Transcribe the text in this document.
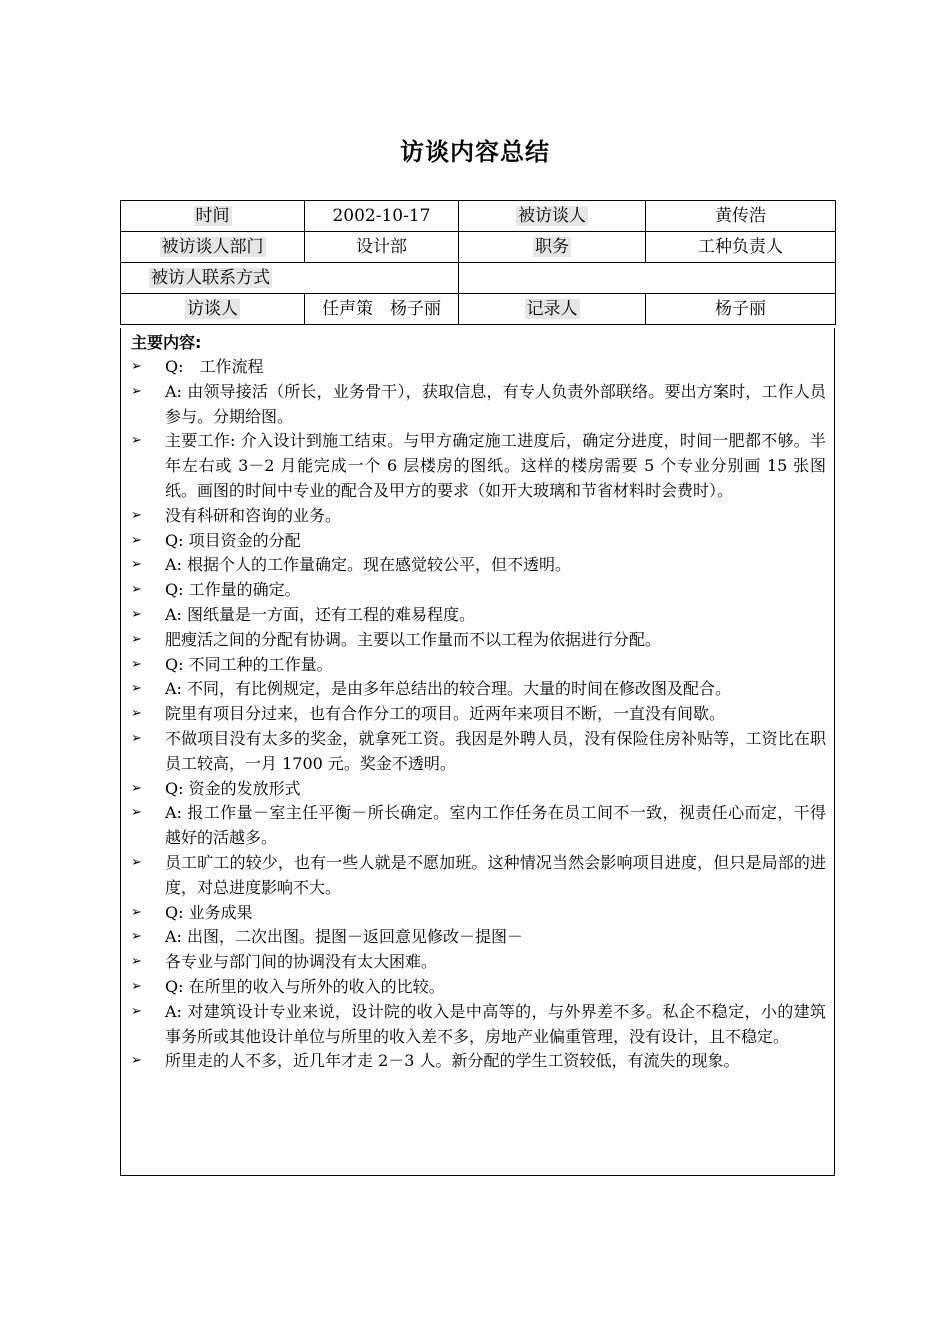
访谈内容总结
时间	2002-10-17	被访谈人	黄传浩
被访谈人部门	设计部	职务	工种负责人
被访人联系方式			
访谈人	任声策　杨子丽	记录人	杨子丽
主要内容:
➢ Q:　工作流程
➢ A: 由领导接活（所长，业务骨干），获取信息，有专人负责外部联络。要出方案时，工作人员参与。分期给图。
➢ 主要工作: 介入设计到施工结束。与甲方确定施工进度后，确定分进度，时间一肥都不够。半年左右或 3－2 月能完成一个 6 层楼房的图纸。这样的楼房需要 5 个专业分别画 15 张图纸。画图的时间中专业的配合及甲方的要求（如开大玻璃和节省材料时会费时）。
➢ 没有科研和咨询的业务。
➢ Q: 项目资金的分配
➢ A: 根据个人的工作量确定。现在感觉较公平，但不透明。
➢ Q: 工作量的确定。
➢ A: 图纸量是一方面，还有工程的难易程度。
➢ 肥瘦活之间的分配有协调。主要以工作量而不以工程为依据进行分配。
➢ Q: 不同工种的工作量。
➢ A: 不同，有比例规定，是由多年总结出的较合理。大量的时间在修改图及配合。
➢ 院里有项目分过来，也有合作分工的项目。近两年来项目不断，一直没有间歇。
➢ 不做项目没有太多的奖金，就拿死工资。我因是外聘人员，没有保险住房补贴等，工资比在职员工较高，一月 1700 元。奖金不透明。
➢ Q: 资金的发放形式
➢ A: 报工作量－室主任平衡－所长确定。室内工作任务在员工间不一致，视责任心而定，干得越好的活越多。
➢ 员工旷工的较少，也有一些人就是不愿加班。这种情况当然会影响项目进度，但只是局部的进度，对总进度影响不大。
➢ Q: 业务成果
➢ A: 出图，二次出图。提图－返回意见修改－提图－
➢ 各专业与部门间的协调没有太大困难。
➢ Q: 在所里的收入与所外的收入的比较。
➢ A: 对建筑设计专业来说，设计院的收入是中高等的，与外界差不多。私企不稳定，小的建筑事务所或其他设计单位与所里的收入差不多，房地产业偏重管理，没有设计，且不稳定。
➢ 所里走的人不多，近几年才走 2－3 人。新分配的学生工资较低，有流失的现象。
